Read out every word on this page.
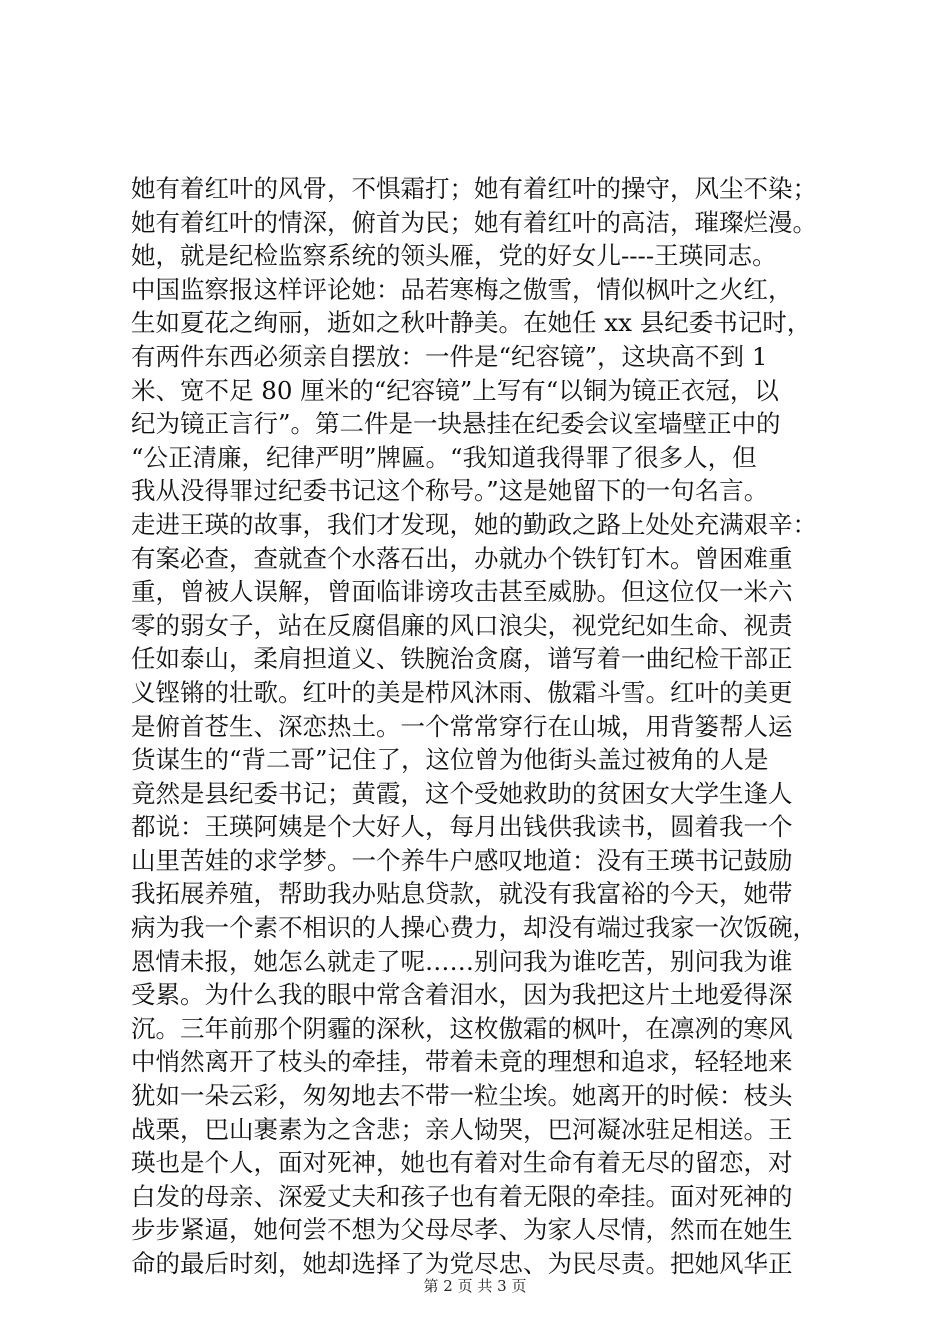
她有着红叶的风骨，不惧霜打；她有着红叶的操守，风尘不染；
她有着红叶的情深，俯首为民；她有着红叶的高洁，璀璨烂漫。
她，就是纪检监察系统的领头雁，党的好女儿----王瑛同志。
中国监察报这样评论她：品若寒梅之傲雪，情似枫叶之火红，
生如夏花之绚丽，逝如之秋叶静美。在她任 xx 县纪委书记时，
有两件东西必须亲自摆放：一件是“纪容镜”，这块高不到 1
米、宽不足 80 厘米的“纪容镜”上写有“以铜为镜正衣冠，以
纪为镜正言行”。第二件是一块悬挂在纪委会议室墙壁正中的
“公正清廉，纪律严明”牌匾。“我知道我得罪了很多人，但
我从没得罪过纪委书记这个称号。”这是她留下的一句名言。
走进王瑛的故事，我们才发现，她的勤政之路上处处充满艰辛：
有案必查，查就查个水落石出，办就办个铁钉钉木。曾困难重
重，曾被人误解，曾面临诽谤攻击甚至威胁。但这位仅一米六
零的弱女子，站在反腐倡廉的风口浪尖，视党纪如生命、视责
任如泰山，柔肩担道义、铁腕治贪腐，谱写着一曲纪检干部正
义铿锵的壮歌。红叶的美是栉风沐雨、傲霜斗雪。红叶的美更
是俯首苍生、深恋热土。一个常常穿行在山城，用背篓帮人运
货谋生的“背二哥”记住了，这位曾为他街头盖过被角的人是
竟然是县纪委书记；黄霞，这个受她救助的贫困女大学生逢人
都说：王瑛阿姨是个大好人，每月出钱供我读书，圆着我一个
山里苦娃的求学梦。一个养牛户感叹地道：没有王瑛书记鼓励
我拓展养殖，帮助我办贴息贷款，就没有我富裕的今天，她带
病为我一个素不相识的人操心费力，却没有端过我家一次饭碗，
恩情未报，她怎么就走了呢……别问我为谁吃苦，别问我为谁
受累。为什么我的眼中常含着泪水，因为我把这片土地爱得深
沉。三年前那个阴霾的深秋，这枚傲霜的枫叶，在凛冽的寒风
中悄然离开了枝头的牵挂，带着未竟的理想和追求，轻轻地来
犹如一朵云彩，匆匆地去不带一粒尘埃。她离开的时候：枝头
战栗，巴山裹素为之含悲；亲人恸哭，巴河凝冰驻足相送。王
瑛也是个人，面对死神，她也有着对生命有着无尽的留恋，对
白发的母亲、深爱丈夫和孩子也有着无限的牵挂。面对死神的
步步紧逼，她何尝不想为父母尽孝、为家人尽情，然而在她生
命的最后时刻，她却选择了为党尽忠、为民尽责。把她风华正
第 2 页 共 3 页
